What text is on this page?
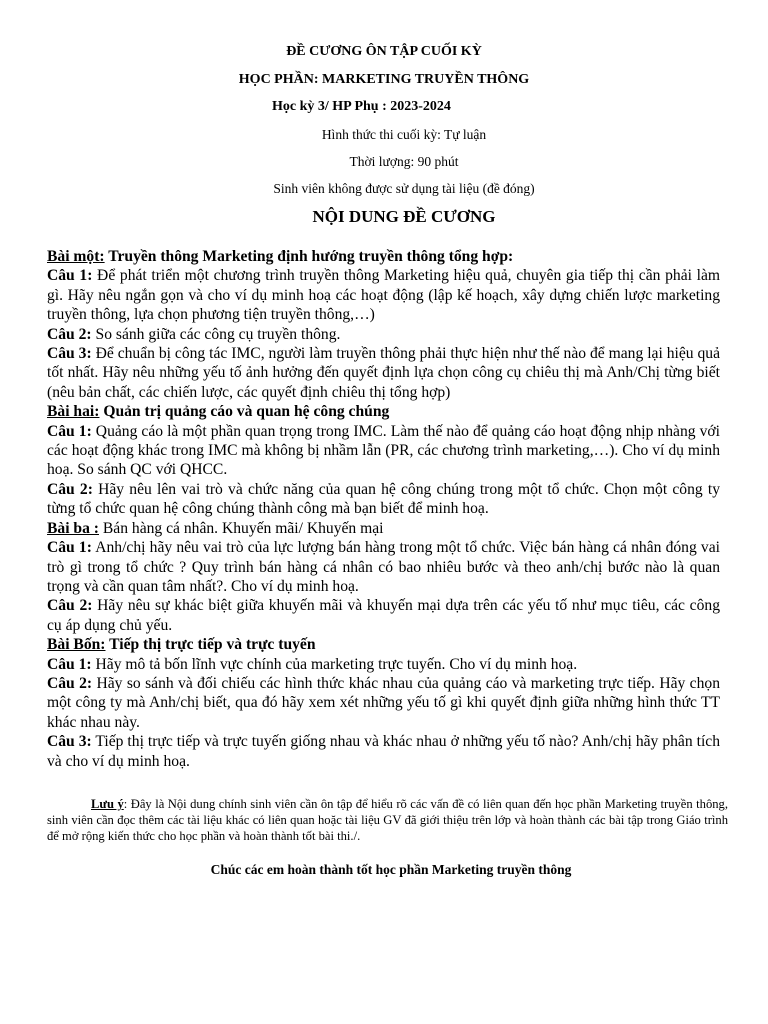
ĐỀ CƯƠNG ÔN TẬP CUỐI KỲ
HỌC PHẦN: MARKETING TRUYỀN THÔNG
Học kỳ 3/ HP Phụ : 2023-2024
Hình thức thi cuối kỳ: Tự luận
Thời lượng: 90 phút
Sinh viên không được sử dụng tài liệu (đề đóng)
NỘI DUNG ĐỀ CƯƠNG

Bài một: Truyền thông Marketing định hướng truyền thông tổng hợp:

Câu 1: Để phát triển một chương trình truyền thông Marketing hiệu quả, chuyên gia tiếp thị cần phải làm gì. Hãy nêu ngắn gọn và cho ví dụ minh hoạ các hoạt động (lập kế hoạch, xây dựng chiến lược marketing truyền thông, lựa chọn phương tiện truyền thông,…)

Câu 2: So sánh giữa các công cụ truyền thông.

Câu 3: Để chuẩn bị công tác IMC, người làm truyền thông phải thực hiện như thế nào để mang lại hiệu quả tốt nhất. Hãy nêu những yếu tố ảnh hưởng đến quyết định lựa chọn công cụ chiêu thị mà Anh/Chị từng biết (nêu bản chất, các chiến lược, các quyết định chiêu thị tổng hợp)

Bài hai: Quản trị quảng cáo và quan hệ công chúng

Câu 1: Quảng cáo là một phần quan trọng trong IMC. Làm thế nào để quảng cáo hoạt động nhịp nhàng với các hoạt động khác trong IMC mà không bị nhầm lẫn (PR, các chương trình marketing,…). Cho ví dụ minh hoạ. So sánh QC với QHCC.

Câu 2: Hãy nêu lên vai trò và chức năng của quan hệ công chúng trong một tổ chức. Chọn một công ty từng tổ chức quan hệ công chúng thành công mà bạn biết để minh hoạ.

Bài ba : Bán hàng cá nhân. Khuyến mãi/ Khuyến mại

Câu 1: Anh/chị hãy nêu vai trò của lực lượng bán hàng trong một tổ chức. Việc bán hàng cá nhân đóng vai trò gì trong tổ chức ? Quy trình bán hàng cá nhân có bao nhiêu bước và theo anh/chị bước nào là quan trọng và cần quan tâm nhất?. Cho ví dụ minh hoạ.

Câu 2: Hãy nêu sự khác biệt giữa khuyến mãi và khuyến mại dựa trên các yếu tố như mục tiêu, các công cụ áp dụng chủ yếu.

Bài Bốn: Tiếp thị trực tiếp và trực tuyến

Câu 1: Hãy mô tả bốn lĩnh vực chính của marketing trực tuyến. Cho ví dụ minh hoạ.

Câu 2: Hãy so sánh và đối chiếu các hình thức khác nhau của quảng cáo và marketing trực tiếp. Hãy chọn một công ty mà Anh/chị biết, qua đó hãy xem xét những yếu tố gì khi quyết định giữa những hình thức TT khác nhau này.

Câu 3: Tiếp thị trực tiếp và trực tuyến giống nhau và khác nhau ở những yếu tố nào? Anh/chị hãy phân tích và cho ví dụ minh hoạ.

Lưu ý: Đây là Nội dung chính sinh viên cần ôn tập để hiểu rõ các vấn đề có liên quan đến học phần Marketing truyền thông, sinh viên cần đọc thêm các tài liệu khác có liên quan hoặc tài liệu GV đã giới thiệu trên lớp và hoàn thành các bài tập trong Giáo trình để mở rộng kiến thức cho học phần và hoàn thành tốt bài thi./.
Chúc các em hoàn thành tốt học phần Marketing truyền thông
